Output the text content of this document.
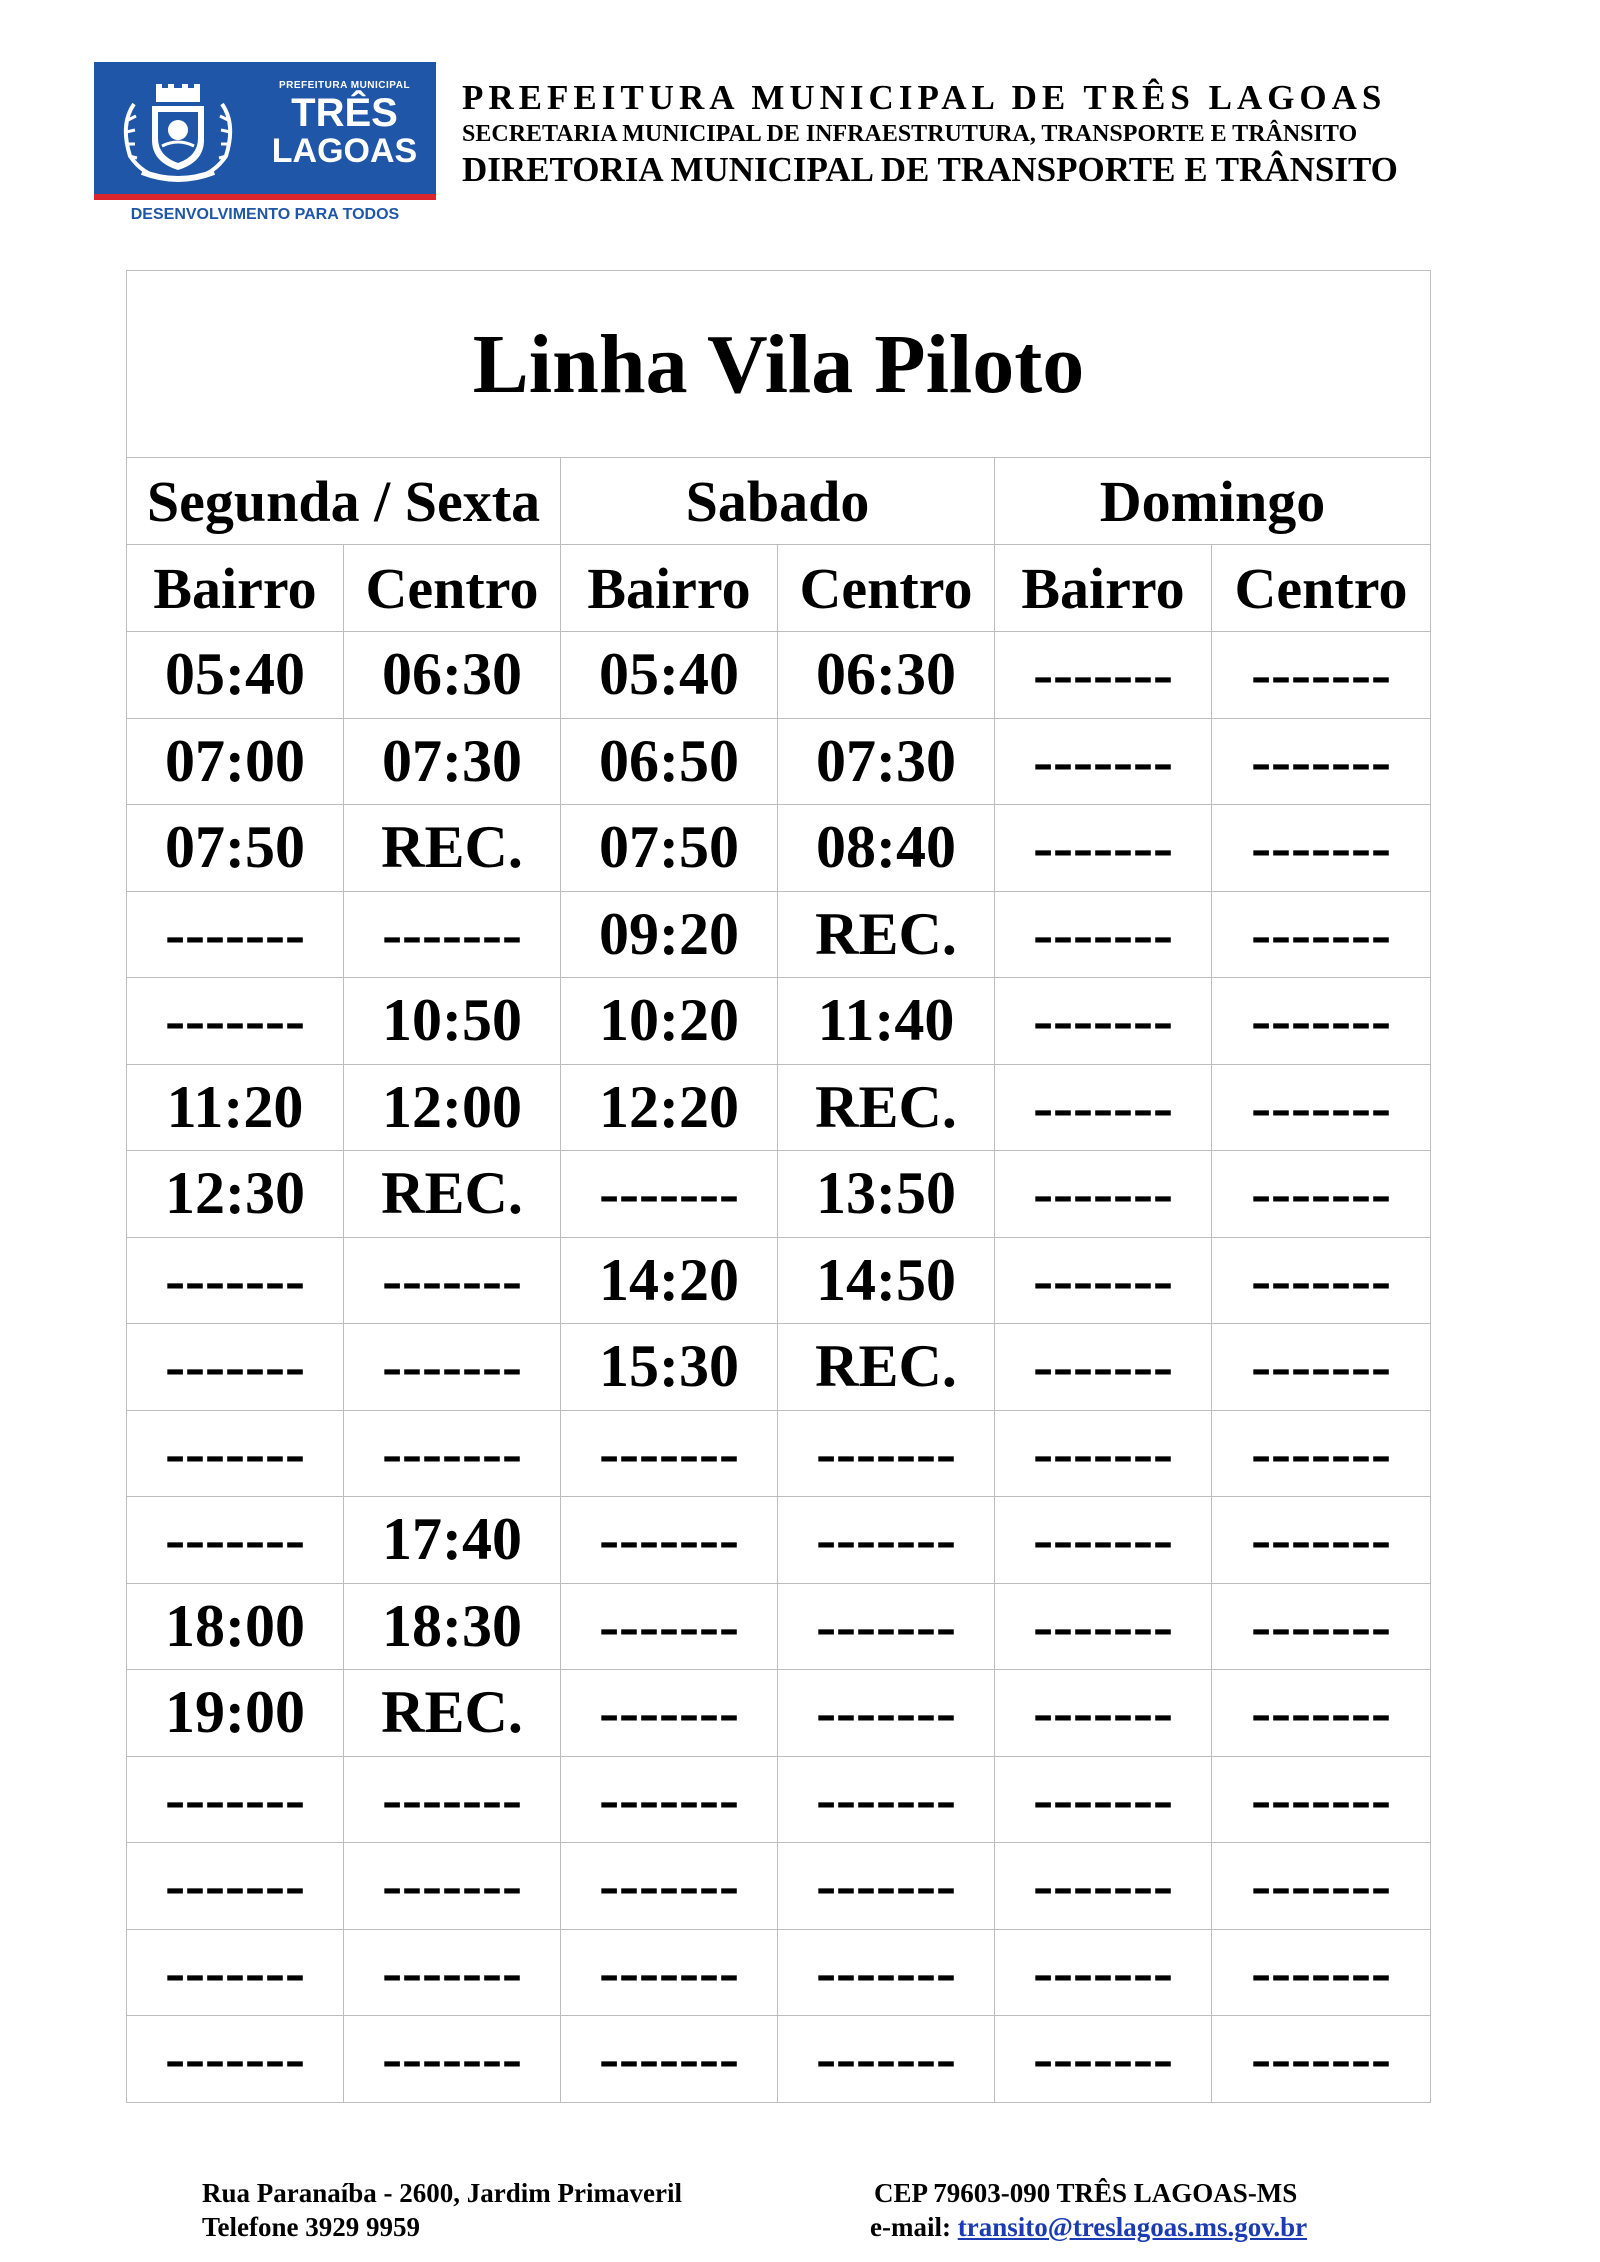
PREFEITURA MUNICIPAL
TRÊS
LAGOAS
DESENVOLVIMENTO PARA TODOS
PREFEITURA MUNICIPAL DE TRÊS LAGOAS
SECRETARIA MUNICIPAL DE INFRAESTRUTURA, TRANSPORTE E TRÂNSITO
DIRETORIA MUNICIPAL DE TRANSPORTE E TRÂNSITO
Linha Vila Piloto					
Segunda / Sexta		Sabado		Domingo	
Bairro	Centro	Bairro	Centro	Bairro	Centro
05:40	06:30	05:40	06:30	-------	-------
07:00	07:30	06:50	07:30	-------	-------
07:50	REC.	07:50	08:40	-------	-------
-------	-------	09:20	REC.	-------	-------
-------	10:50	10:20	11:40	-------	-------
11:20	12:00	12:20	REC.	-------	-------
12:30	REC.	-------	13:50	-------	-------
-------	-------	14:20	14:50	-------	-------
-------	-------	15:30	REC.	-------	-------
-------	-------	-------	-------	-------	-------
-------	17:40	-------	-------	-------	-------
18:00	18:30	-------	-------	-------	-------
19:00	REC.	-------	-------	-------	-------
-------	-------	-------	-------	-------	-------
-------	-------	-------	-------	-------	-------
-------	-------	-------	-------	-------	-------
-------	-------	-------	-------	-------	-------
Rua Paranaíba - 2600, Jardim Primaveril
Telefone 3929 9959
CEP 79603-090 TRÊS LAGOAS-MS
e-mail: transito@treslagoas.ms.gov.br
